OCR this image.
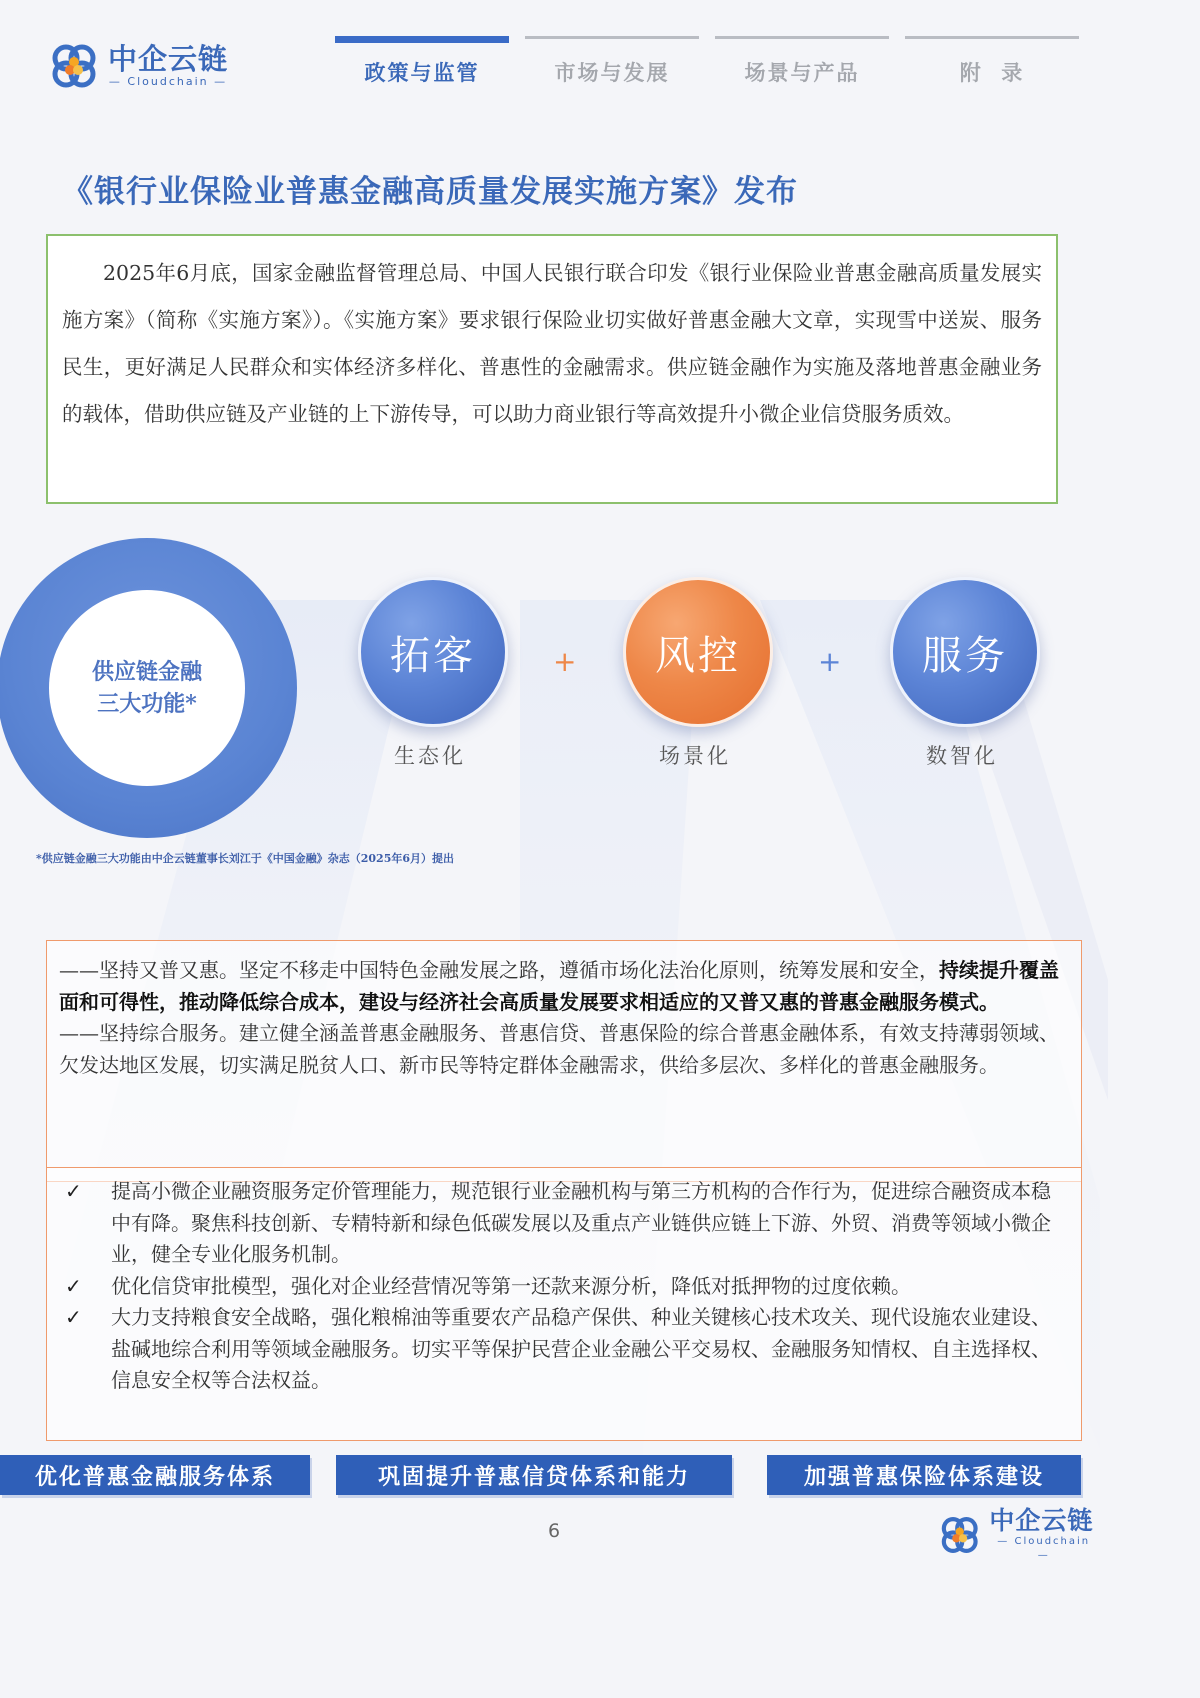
中企云链
— Cloudchain —	政策与监管	市场与发展	场景与产品	附  录
《银行业保险业普惠金融高质量发展实施方案》发布

2025年6月底，国家金融监督管理总局、中国人民银行联合印发《银行业保险业普惠金融高质量发展实施方案》（简称《实施方案》）。《实施方案》要求银行保险业切实做好普惠金融大文章，实现雪中送炭、服务民生，更好满足人民群众和实体经济多样化、普惠性的金融需求。供应链金融作为实施及落地普惠金融业务的载体，借助供应链及产业链的上下游传导，可以助力商业银行等高效提升小微企业信贷服务质效。

供应链金融
三大功能*
拓客	+ 风控	+ 服务
生态化	场景化	数智化
*供应链金融三大功能由中企云链董事长刘江于《中国金融》杂志（2025年6月）提出

——坚持又普又惠。坚定不移走中国特色金融发展之路，遵循市场化法治化原则，统筹发展和安全，持续提升覆盖面和可得性，推动降低综合成本，建设与经济社会高质量发展要求相适应的又普又惠的普惠金融服务模式。

——坚持综合服务。建立健全涵盖普惠金融服务、普惠信贷、普惠保险的综合普惠金融体系，有效支持薄弱领域、欠发达地区发展，切实满足脱贫人口、新市民等特定群体金融需求，供给多层次、多样化的普惠金融服务。

✓	提高小微企业融资服务定价管理能力，规范银行业金融机构与第三方机构的合作行为，促进综合融资成本稳中有降。聚焦科技创新、专精特新和绿色低碳发展以及重点产业链供应链上下游、外贸、消费等领域小微企业，健全专业化服务机制。
✓	优化信贷审批模型，强化对企业经营情况等第一还款来源分析，降低对抵押物的过度依赖。
✓	大力支持粮食安全战略，强化粮棉油等重要农产品稳产保供、种业关键核心技术攻关、现代设施农业建设、盐碱地综合利用等领域金融服务。切实平等保护民营企业金融公平交易权、金融服务知情权、自主选择权、信息安全权等合法权益。
优化普惠金融服务体系	巩固提升普惠信贷体系和能力	加强普惠保险体系建设
6	中企云链
— Cloudchain —
